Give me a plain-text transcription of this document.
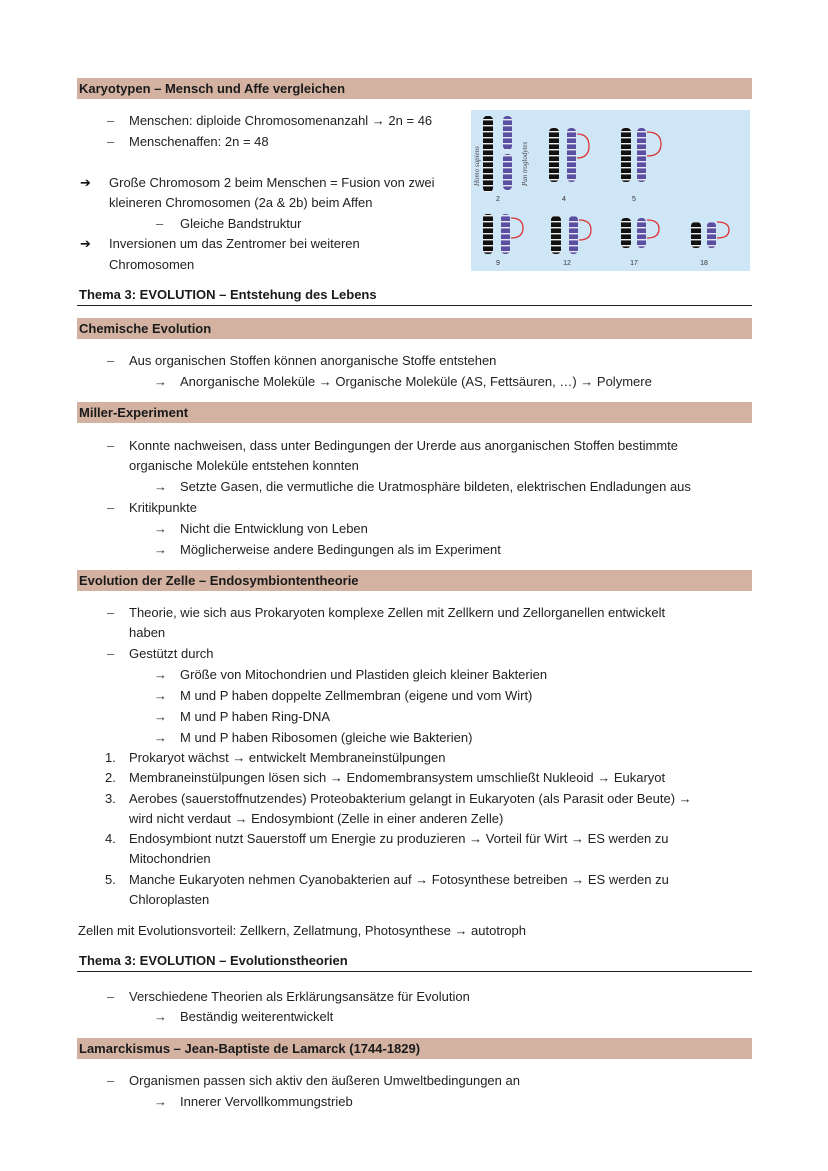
Karyotypen – Mensch und Affe vergleichen
– Menschen: diploide Chromosomenanzahl → 2n = 46
– Menschenaffen: 2n = 48
➔ Große Chromosom 2 beim Menschen = Fusion von zwei
kleineren Chromosomen (2a & 2b) beim Affen
– Gleiche Bandstruktur
➔ Inversionen um das Zentromer bei weiteren
Chromosomen
Homo sapiens	Pan troglodytes
2	4	5
9	12	17	18
Thema 3: EVOLUTION – Entstehung des Lebens
Chemische Evolution
– Aus organischen Stoffen können anorganische Stoffe entstehen
→ Anorganische Moleküle → Organische Moleküle (AS, Fettsäuren, …) → Polymere
Miller-Experiment
– Konnte nachweisen, dass unter Bedingungen der Urerde aus anorganischen Stoffen bestimmte
organische Moleküle entstehen konnten
→ Setzte Gasen, die vermutliche die Uratmosphäre bildeten, elektrischen Endladungen aus
– Kritikpunkte
→ Nicht die Entwicklung von Leben
→ Möglicherweise andere Bedingungen als im Experiment
Evolution der Zelle – Endosymbiontentheorie
– Theorie, wie sich aus Prokaryoten komplexe Zellen mit Zellkern und Zellorganellen entwickelt
haben
– Gestützt durch
→ Größe von Mitochondrien und Plastiden gleich kleiner Bakterien
→ M und P haben doppelte Zellmembran (eigene und vom Wirt)
→ M und P haben Ring-DNA
→ M und P haben Ribosomen (gleiche wie Bakterien)
1. Prokaryot wächst → entwickelt Membraneinstülpungen
2. Membraneinstülpungen lösen sich → Endomembransystem umschließt Nukleoid → Eukaryot
3. Aerobes (sauerstoffnutzendes) Proteobakterium gelangt in Eukaryoten (als Parasit oder Beute) →
wird nicht verdaut → Endosymbiont (Zelle in einer anderen Zelle)
4. Endosymbiont nutzt Sauerstoff um Energie zu produzieren → Vorteil für Wirt → ES werden zu
Mitochondrien
5. Manche Eukaryoten nehmen Cyanobakterien auf → Fotosynthese betreiben → ES werden zu
Chloroplasten
Zellen mit Evolutionsvorteil: Zellkern, Zellatmung, Photosynthese → autotroph
Thema 3: EVOLUTION – Evolutionstheorien
– Verschiedene Theorien als Erklärungsansätze für Evolution
→ Beständig weiterentwickelt
Lamarckismus – Jean-Baptiste de Lamarck (1744-1829)
– Organismen passen sich aktiv den äußeren Umweltbedingungen an
→ Innerer Vervollkommungstrieb
